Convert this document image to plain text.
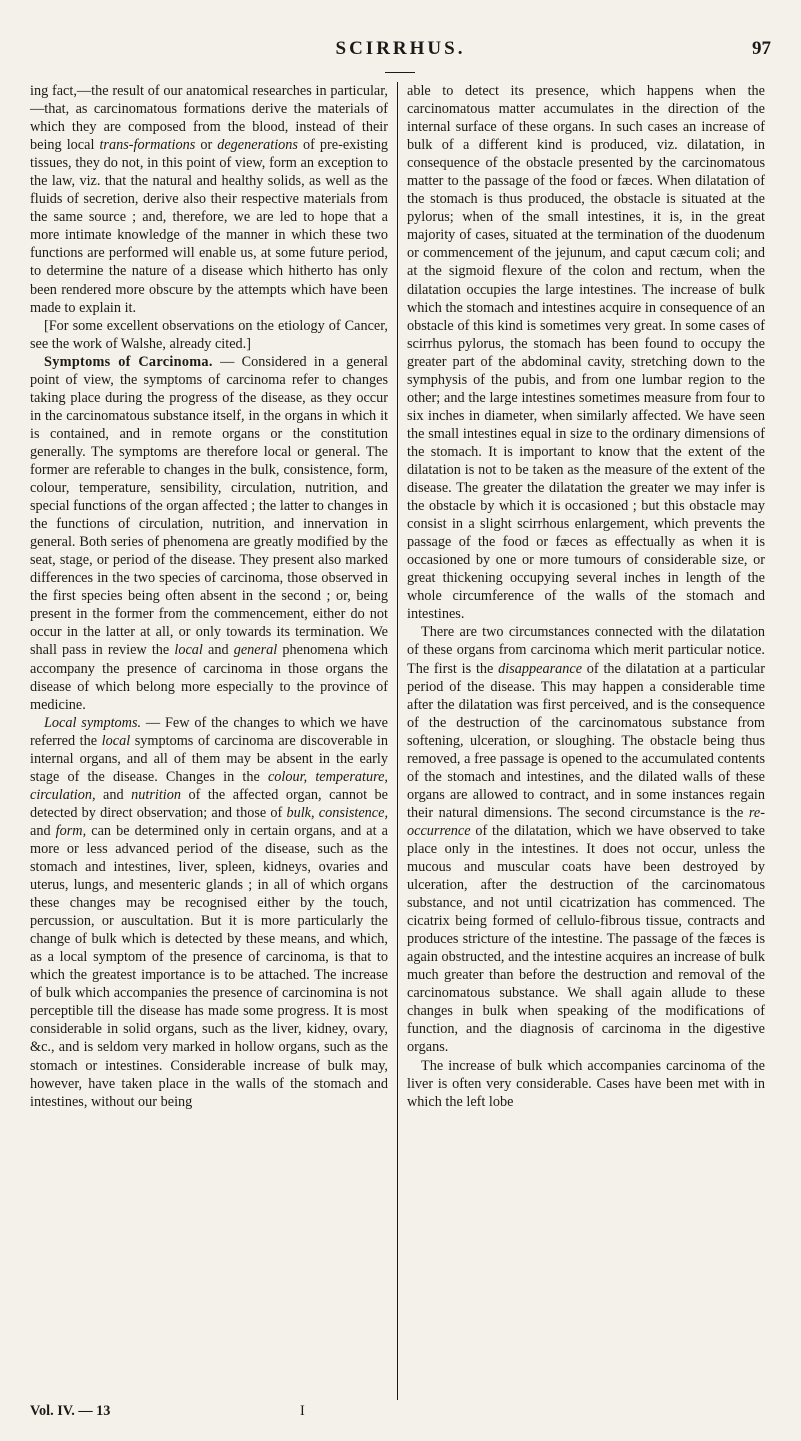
SCIRRHUS.	97

ing fact,—the result of our anatomical researches in particular,—that, as carcinomatous formations derive the materials of which they are composed from the blood, instead of their being local trans-formations or degenerations of pre-existing tissues, they do not, in this point of view, form an exception to the law, viz. that the natural and healthy solids, as well as the fluids of secretion, derive also their respective materials from the same source ; and, therefore, we are led to hope that a more intimate knowledge of the manner in which these two functions are performed will enable us, at some future period, to determine the nature of a disease which hitherto has only been rendered more obscure by the attempts which have been made to explain it.

[For some excellent observations on the etiology of Cancer, see the work of Walshe, already cited.]

Symptoms of Carcinoma. — Considered in a general point of view, the symptoms of carcinoma refer to changes taking place during the progress of the disease, as they occur in the carcinomatous substance itself, in the organs in which it is contained, and in remote organs or the constitution generally. The symptoms are therefore local or general. The former are referable to changes in the bulk, consistence, form, colour, temperature, sensibility, circulation, nutrition, and special functions of the organ affected ; the latter to changes in the functions of circulation, nutrition, and innervation in general. Both series of phenomena are greatly modified by the seat, stage, or period of the disease. They present also marked differences in the two species of carcinoma, those observed in the first species being often absent in the second ; or, being present in the former from the commencement, either do not occur in the latter at all, or only towards its termination. We shall pass in review the local and general phenomena which accompany the presence of carcinoma in those organs the disease of which belong more especially to the province of medicine.

Local symptoms. — Few of the changes to which we have referred the local symptoms of carcinoma are discoverable in internal organs, and all of them may be absent in the early stage of the disease. Changes in the colour, temperature, circulation, and nutrition of the affected organ, cannot be detected by direct observation; and those of bulk, consistence, and form, can be determined only in certain organs, and at a more or less advanced period of the disease, such as the stomach and intestines, liver, spleen, kidneys, ovaries and uterus, lungs, and mesenteric glands ; in all of which organs these changes may be recognised either by the touch, percussion, or auscultation. But it is more particularly the change of bulk which is detected by these means, and which, as a local symptom of the presence of carcinoma, is that to which the greatest importance is to be attached. The increase of bulk which accompanies the presence of carcinomina is not perceptible till the disease has made some progress. It is most considerable in solid organs, such as the liver, kidney, ovary, &c., and is seldom very marked in hollow organs, such as the stomach or intestines. Considerable increase of bulk may, however, have taken place in the walls of the stomach and intestines, without our being

able to detect its presence, which happens when the carcinomatous matter accumulates in the direction of the internal surface of these organs. In such cases an increase of bulk of a different kind is produced, viz. dilatation, in consequence of the obstacle presented by the carcinomatous matter to the passage of the food or fæces. When dilatation of the stomach is thus produced, the obstacle is situated at the pylorus; when of the small intestines, it is, in the great majority of cases, situated at the termination of the duodenum or commencement of the jejunum, and caput cæcum coli; and at the sigmoid flexure of the colon and rectum, when the dilatation occupies the large intestines. The increase of bulk which the stomach and intestines acquire in consequence of an obstacle of this kind is sometimes very great. In some cases of scirrhus pylorus, the stomach has been found to occupy the greater part of the abdominal cavity, stretching down to the symphysis of the pubis, and from one lumbar region to the other; and the large intestines sometimes measure from four to six inches in diameter, when similarly affected. We have seen the small intestines equal in size to the ordinary dimensions of the stomach. It is important to know that the extent of the dilatation is not to be taken as the measure of the extent of the disease. The greater the dilatation the greater we may infer is the obstacle by which it is occasioned ; but this obstacle may consist in a slight scirrhous enlargement, which prevents the passage of the food or fæces as effectually as when it is occasioned by one or more tumours of considerable size, or great thickening occupying several inches in length of the whole circumference of the walls of the stomach and intestines.

There are two circumstances connected with the dilatation of these organs from carcinoma which merit particular notice. The first is the disappearance of the dilatation at a particular period of the disease. This may happen a considerable time after the dilatation was first perceived, and is the consequence of the destruction of the carcinomatous substance from softening, ulceration, or sloughing. The obstacle being thus removed, a free passage is opened to the accumulated contents of the stomach and intestines, and the dilated walls of these organs are allowed to contract, and in some instances regain their natural dimensions. The second circumstance is the re-occurrence of the dilatation, which we have observed to take place only in the intestines. It does not occur, unless the mucous and muscular coats have been destroyed by ulceration, after the destruction of the carcinomatous substance, and not until cicatrization has commenced. The cicatrix being formed of cellulo-fibrous tissue, contracts and produces stricture of the intestine. The passage of the fæces is again obstructed, and the intestine acquires an increase of bulk much greater than before the destruction and removal of the carcinomatous substance. We shall again allude to these changes in bulk when speaking of the modifications of function, and the diagnosis of carcinoma in the digestive organs.

The increase of bulk which accompanies carcinoma of the liver is often very considerable. Cases have been met with in which the left lobe

Vol. IV. — 13	I
